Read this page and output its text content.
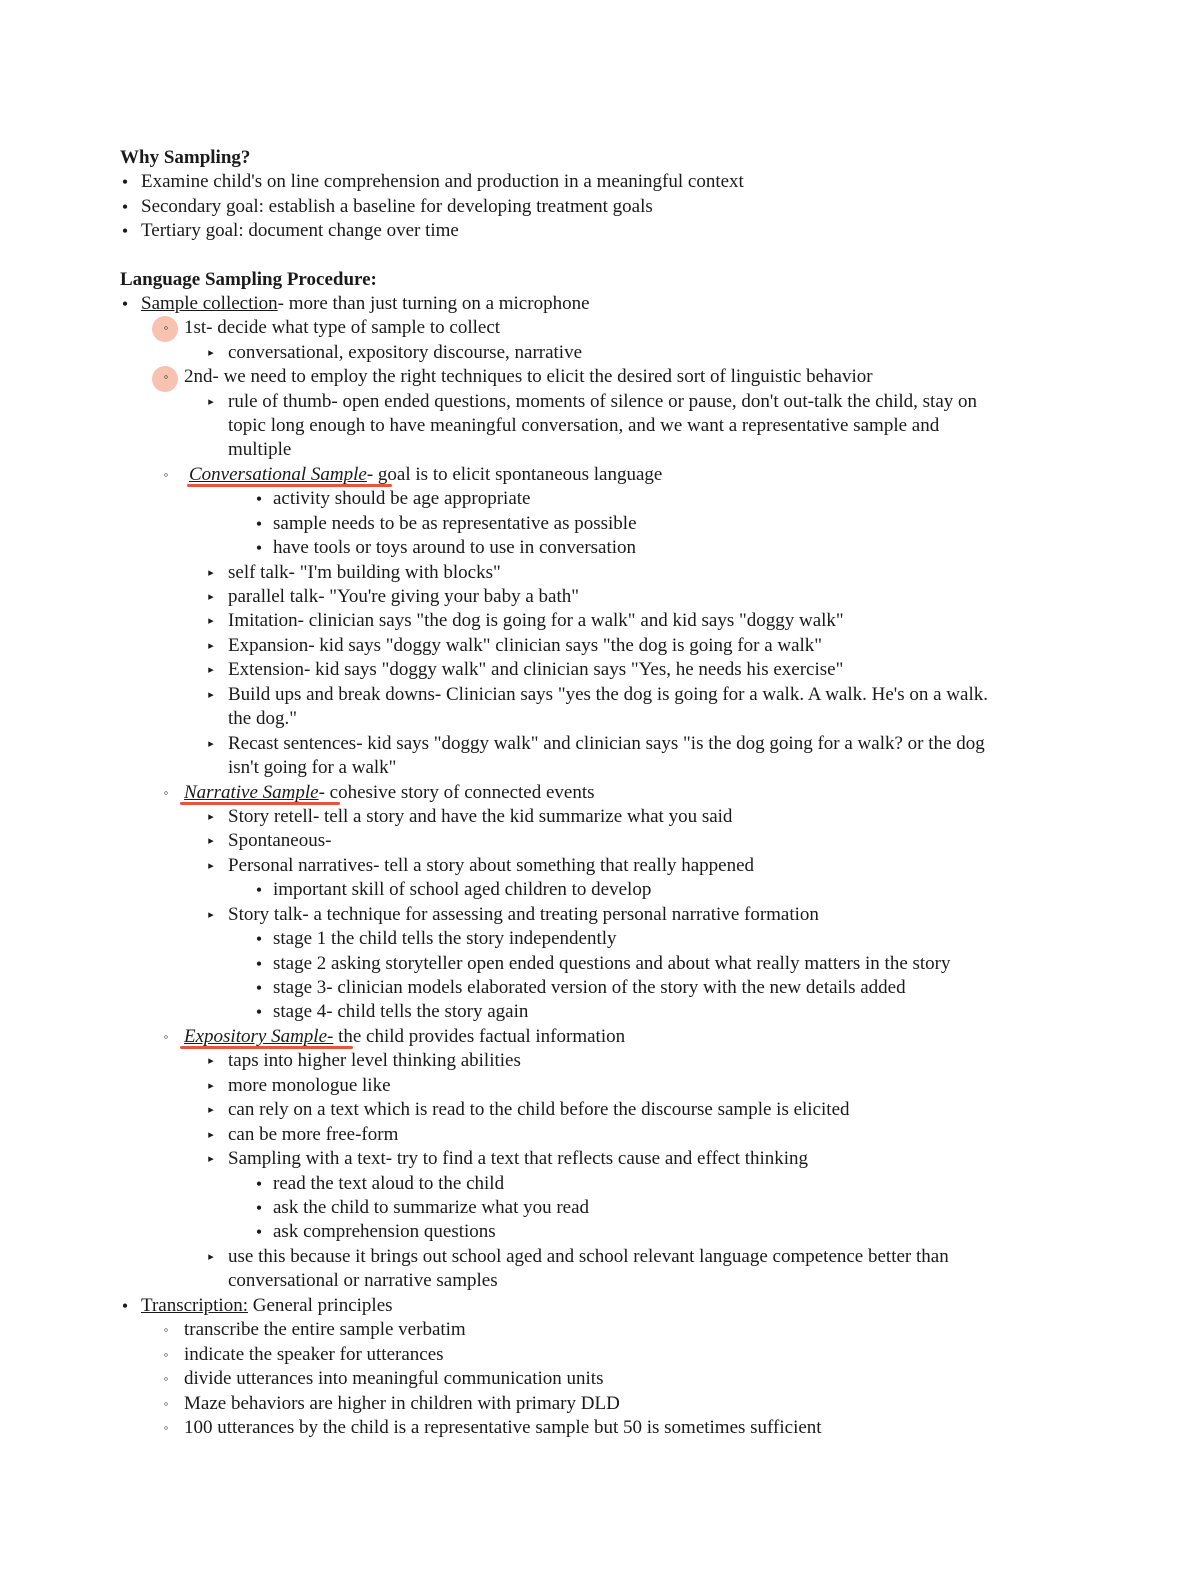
Why Sampling?
• Examine child's on line comprehension and production in a meaningful context
• Secondary goal: establish a baseline for developing treatment goals
• Tertiary goal: document change over time
Language Sampling Procedure:
• Sample collection- more than just turning on a microphone
◦ 1st- decide what type of sample to collect
▸ conversational, expository discourse, narrative
◦ 2nd- we need to employ the right techniques to elicit the desired sort of linguistic behavior
▸ rule of thumb- open ended questions, moments of silence or pause, don't out-talk the child, stay on
topic long enough to have meaningful conversation, and we want a representative sample and
multiple
◦ Conversational Sample- goal is to elicit spontaneous language
• activity should be age appropriate
• sample needs to be as representative as possible
• have tools or toys around to use in conversation
▸ self talk- "I'm building with blocks"
▸ parallel talk- "You're giving your baby a bath"
▸ Imitation- clinician says "the dog is going for a walk" and kid says "doggy walk"
▸ Expansion- kid says "doggy walk" clinician says "the dog is going for a walk"
▸ Extension- kid says "doggy walk" and clinician says "Yes, he needs his exercise"
▸ Build ups and break downs- Clinician says "yes the dog is going for a walk. A walk. He's on a walk.
the dog."
▸ Recast sentences- kid says "doggy walk" and clinician says "is the dog going for a walk? or the dog
isn't going for a walk"
◦ Narrative Sample- cohesive story of connected events
▸ Story retell- tell a story and have the kid summarize what you said
▸ Spontaneous-
▸ Personal narratives- tell a story about something that really happened
• important skill of school aged children to develop
▸ Story talk- a technique for assessing and treating personal narrative formation
• stage 1 the child tells the story independently
• stage 2 asking storyteller open ended questions and about what really matters in the story
• stage 3- clinician models elaborated version of the story with the new details added
• stage 4- child tells the story again
◦ Expository Sample- the child provides factual information
▸ taps into higher level thinking abilities
▸ more monologue like
▸ can rely on a text which is read to the child before the discourse sample is elicited
▸ can be more free-form
▸ Sampling with a text- try to find a text that reflects cause and effect thinking
• read the text aloud to the child
• ask the child to summarize what you read
• ask comprehension questions
▸ use this because it brings out school aged and school relevant language competence better than
conversational or narrative samples
• Transcription: General principles
◦ transcribe the entire sample verbatim
◦ indicate the speaker for utterances
◦ divide utterances into meaningful communication units
◦ Maze behaviors are higher in children with primary DLD
◦ 100 utterances by the child is a representative sample but 50 is sometimes sufficient
